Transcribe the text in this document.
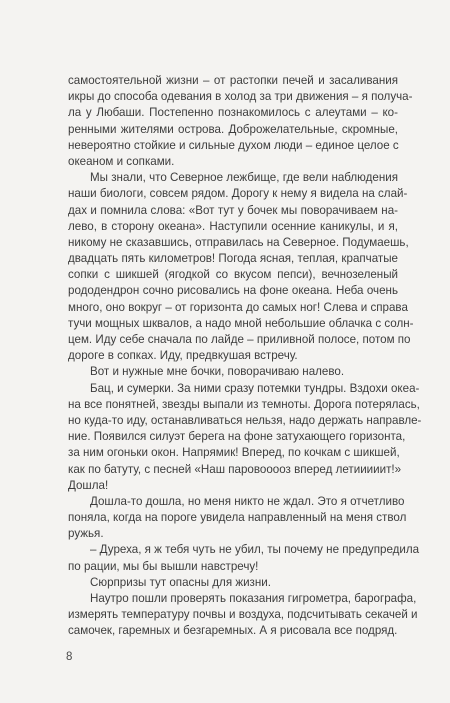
самостоятельной жизни – от растопки печей и засаливания
икры до способа одевания в холод за три движения – я получа-
ла у Любаши. Постепенно познакомилось с алеутами – ко-
ренными жителями острова. Доброжелательные, скромные,
невероятно стойкие и сильные духом люди – единое целое с
океаном и сопками.
Мы знали, что Северное лежбище, где вели наблюдения
наши биологи, совсем рядом. Дорогу к нему я видела на слай-
дах и помнила слова: «Вот тут у бочек мы поворачиваем на-
лево, в сторону океана». Наступили осенние каникулы, и я,
никому не сказавшись, отправилась на Северное. Подумаешь,
двадцать пять километров! Погода ясная, теплая, крапчатые
сопки с шикшей (ягодкой со вкусом пепси), вечнозеленый
рододендрон сочно рисовались на фоне океана. Неба очень
много, оно вокруг – от горизонта до самых ног! Слева и справа
тучи мощных шквалов, а надо мной небольшие облачка с солн-
цем. Иду себе сначала по лайде – приливной полосе, потом по
дороге в сопках. Иду, предвкушая встречу.
Вот и нужные мне бочки, поворачиваю налево.
Бац, и сумерки. За ними сразу потемки тундры. Вздохи океа-
на все понятней, звезды выпали из темноты. Дорога потерялась,
но куда-то иду, останавливаться нельзя, надо держать направле-
ние. Появился силуэт берега на фоне затухающего горизонта,
за ним огоньки окон. Напрямик! Вперед, по кочкам с шикшей,
как по батуту, с песней «Наш паровооооз вперед летииииит!»
Дошла!
Дошла-то дошла, но меня никто не ждал. Это я отчетливо
поняла, когда на пороге увидела направленный на меня ствол
ружья.
– Дуреха, я ж тебя чуть не убил, ты почему не предупредила
по рации, мы бы вышли навстречу!
Сюрпризы тут опасны для жизни.
Наутро пошли проверять показания гигрометра, барографа,
измерять температуру почвы и воздуха, подсчитывать секачей и
самочек, гаремных и безгаремных. А я рисовала все подряд.
8
